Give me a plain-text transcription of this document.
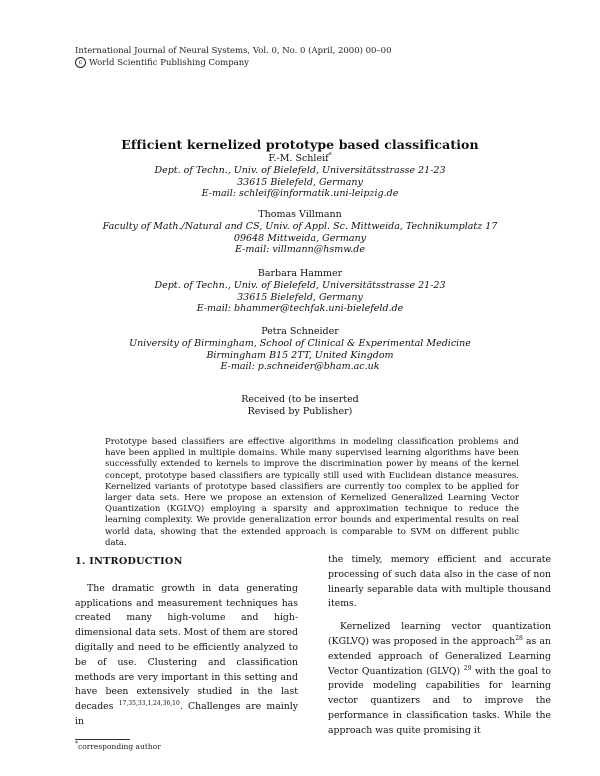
International Journal of Neural Systems, Vol. 0, No. 0 (April, 2000) 00–00
c World Scientific Publishing Company
Efficient kernelized prototype based classification
F.-M. Schleif*
Dept. of Techn., Univ. of Bielefeld, Universitätsstrasse 21-23
33615 Bielefeld, Germany
E-mail: schleif@informatik.uni-leipzig.de
Thomas Villmann
Faculty of Math./Natural and CS, Univ. of Appl. Sc. Mittweida, Technikumplatz 17
09648 Mittweida, Germany
E-mail: villmann@hsmw.de
Barbara Hammer
Dept. of Techn., Univ. of Bielefeld, Universitätsstrasse 21-23
33615 Bielefeld, Germany
E-mail: bhammer@techfak.uni-bielefeld.de
Petra Schneider
University of Birmingham, School of Clinical & Experimental Medicine
Birmingham B15 2TT, United Kingdom
E-mail: p.schneider@bham.ac.uk
Received (to be inserted
Revised by Publisher)
Prototype based classifiers are effective algorithms in modeling classification problems and have been applied in multiple domains. While many supervised learning algorithms have been successfully extended to kernels to improve the discrimination power by means of the kernel concept, prototype based classifiers are typically still used with Euclidean distance measures. Kernelized variants of prototype based classifiers are currently too complex to be applied for larger data sets. Here we propose an extension of Kernelized Generalized Learning Vector Quantization (KGLVQ) employing a sparsity and approximation technique to reduce the learning complexity. We provide generalization error bounds and experimental results on real world data, showing that the extended approach is comparable to SVM on different public data.

1. INTRODUCTION

The dramatic growth in data generating applications and measurement techniques has created many high-volume and high-dimensional data sets. Most of them are stored digitally and need to be efficiently analyzed to be of use. Clustering and classification methods are very important in this setting and have been extensively studied in the last decades $^{17,35,33,1,24,36,10}$. Challenges are mainly in

the timely, memory efficient and accurate processing of such data also in the case of non linearly separable data with multiple thousand items.

Kernelized learning vector quantization (KGLVQ) was proposed in the approach$^{28}$ as an extended approach of Generalized Learning Vector Quantization (GLVQ) $^{29}$ with the goal to provide modeling capabilities for learning vector quantizers and to improve the performance in classification tasks. While the approach was quite promising it

*corresponding author
